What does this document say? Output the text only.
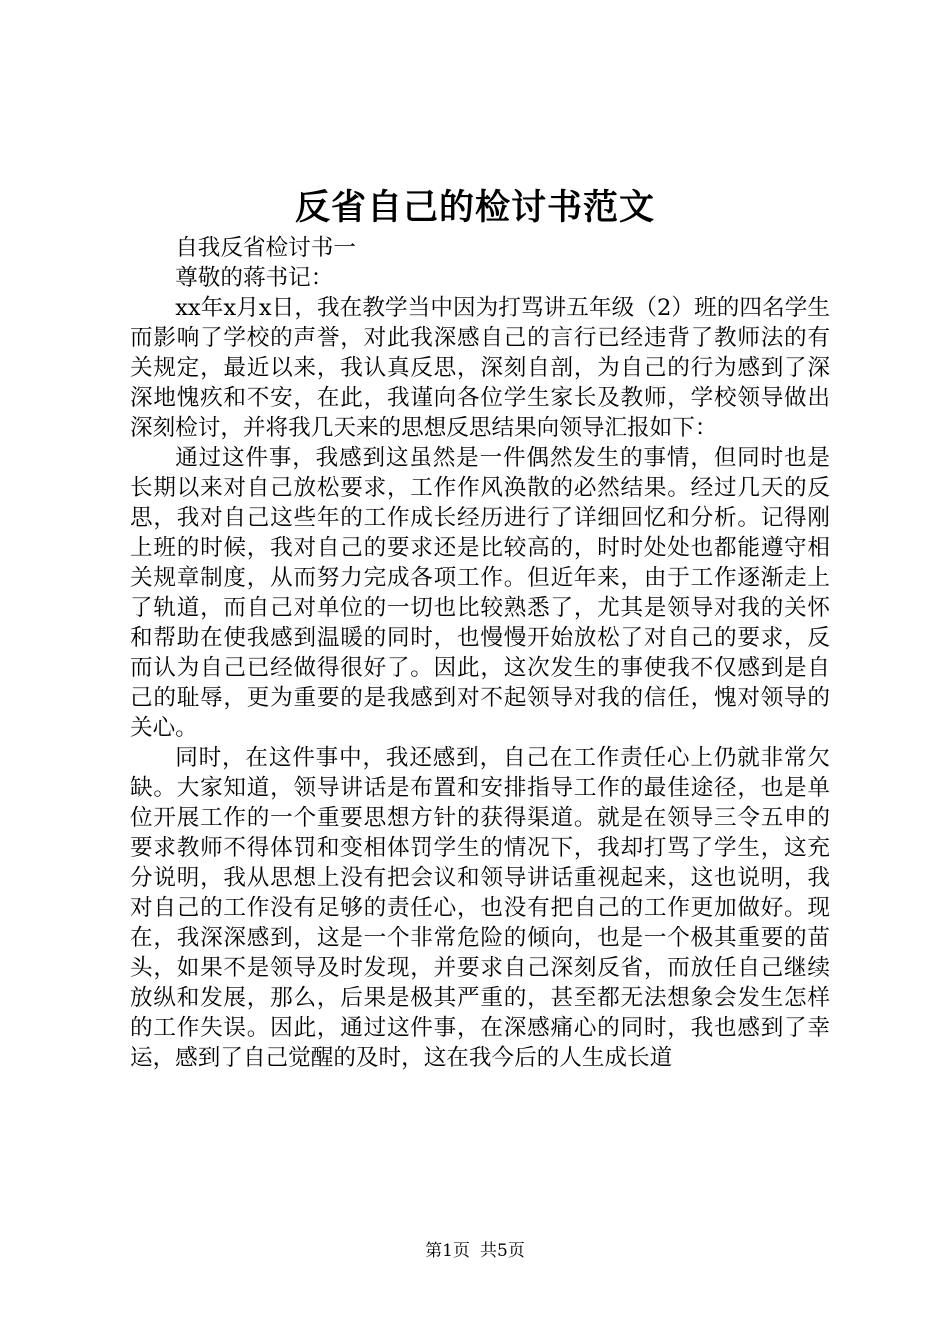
反省自己的检讨书范文

自我反省检讨书一

尊敬的蒋书记：

xx年x月x日，我在教学当中因为打骂讲五年级（2）班的四名学生而影响了学校的声誉，对此我深感自己的言行已经违背了教师法的有关规定，最近以来，我认真反思，深刻自剖，为自己的行为感到了深深地愧疚和不安，在此，我谨向各位学生家长及教师，学校领导做出深刻检讨，并将我几天来的思想反思结果向领导汇报如下：

通过这件事，我感到这虽然是一件偶然发生的事情，但同时也是长期以来对自己放松要求，工作作风涣散的必然结果。经过几天的反思，我对自己这些年的工作成长经历进行了详细回忆和分析。记得刚上班的时候，我对自己的要求还是比较高的，时时处处也都能遵守相关规章制度，从而努力完成各项工作。但近年来，由于工作逐渐走上了轨道，而自己对单位的一切也比较熟悉了，尤其是领导对我的关怀和帮助在使我感到温暖的同时，也慢慢开始放松了对自己的要求，反而认为自己已经做得很好了。因此，这次发生的事使我不仅感到是自己的耻辱，更为重要的是我感到对不起领导对我的信任，愧对领导的关心。

同时，在这件事中，我还感到，自己在工作责任心上仍就非常欠缺。大家知道，领导讲话是布置和安排指导工作的最佳途径，也是单位开展工作的一个重要思想方针的获得渠道。就是在领导三令五申的要求教师不得体罚和变相体罚学生的情况下，我却打骂了学生，这充分说明，我从思想上没有把会议和领导讲话重视起来，这也说明，我对自己的工作没有足够的责任心，也没有把自己的工作更加做好。现在，我深深感到，这是一个非常危险的倾向，也是一个极其重要的苗头，如果不是领导及时发现，并要求自己深刻反省，而放任自己继续放纵和发展，那么，后果是极其严重的，甚至都无法想象会发生怎样的工作失误。因此，通过这件事，在深感痛心的同时，我也感到了幸运，感到了自己觉醒的及时，这在我今后的人生成长道

第1页 共5页
